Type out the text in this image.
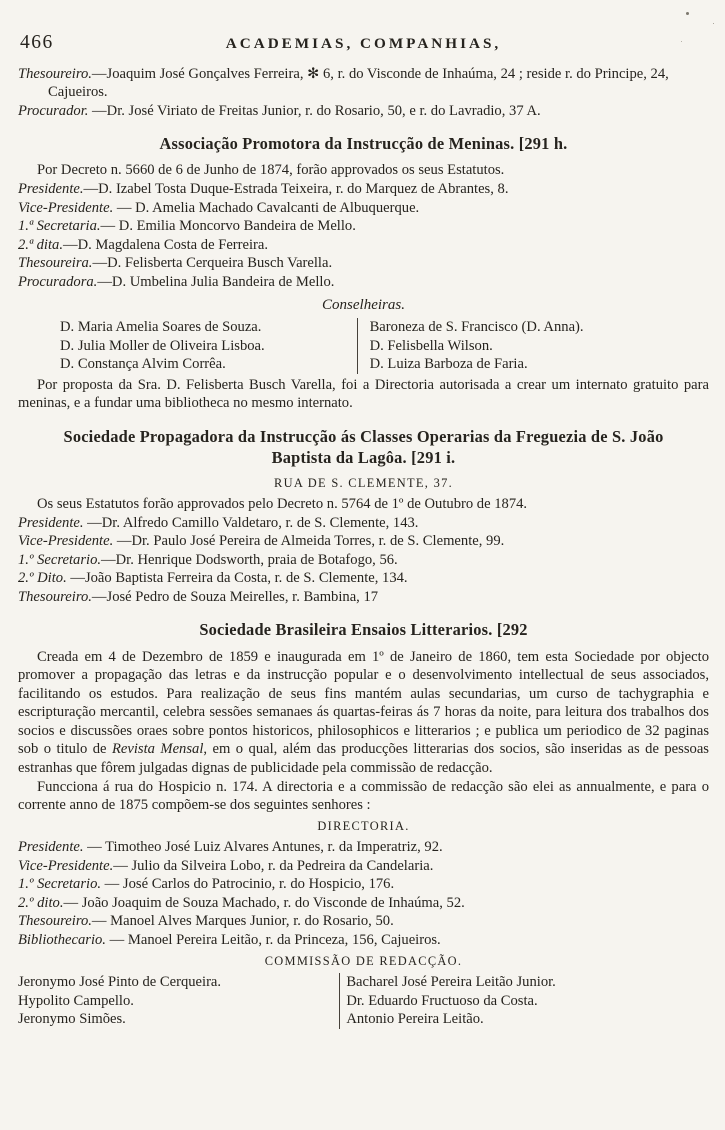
466	ACADEMIAS, COMPANHIAS,

Thesoureiro.—Joaquim José Gonçalves Ferreira, ✻ 6, r. do Visconde de Inhaúma, 24 ; reside r. do Principe, 24, Cajueiros.

Procurador. —Dr. José Viriato de Freitas Junior, r. do Rosario, 50, e r. do Lavradio, 37 A.

Associação Promotora da Instrucção de Meninas. [291 h.

Por Decreto n. 5660 de 6 de Junho de 1874, forão approvados os seus Estatutos.

Presidente.—D. Izabel Tosta Duque-Estrada Teixeira, r. do Marquez de Abrantes, 8.

Vice-Presidente. — D. Amelia Machado Cavalcanti de Albuquerque.

1.ª Secretaria.— D. Emilia Moncorvo Bandeira de Mello.

2.ª dita.—D. Magdalena Costa de Ferreira.

Thesoureira.—D. Felisberta Cerqueira Busch Varella.

Procuradora.—D. Umbelina Julia Bandeira de Mello.

Conselheiras.

D. Maria Amelia Soares de Souza.

D. Julia Moller de Oliveira Lisboa.

D. Constança Alvim Corrêa.

Baroneza de S. Francisco (D. Anna).

D. Felisbella Wilson.

D. Luiza Barboza de Faria.

Por proposta da Sra. D. Felisberta Busch Varella, foi a Directoria autorisada a crear um internato gratuito para meninas, e a fundar uma bibliotheca no mesmo internato.

Sociedade Propagadora da Instrucção ás Classes Operarias da Freguezia de S. João Baptista da Lagôa. [291 i.
RUA DE S. CLEMENTE, 37.

Os seus Estatutos forão approvados pelo Decreto n. 5764 de 1º de Outubro de 1874.

Presidente. —Dr. Alfredo Camillo Valdetaro, r. de S. Clemente, 143.

Vice-Presidente. —Dr. Paulo José Pereira de Almeida Torres, r. de S. Clemente, 99.

1.º Secretario.—Dr. Henrique Dodsworth, praia de Botafogo, 56.

2.º Dito. —João Baptista Ferreira da Costa, r. de S. Clemente, 134.

Thesoureiro.—José Pedro de Souza Meirelles, r. Bambina, 17

Sociedade Brasileira Ensaios Litterarios. [292

Creada em 4 de Dezembro de 1859 e inaugurada em 1º de Janeiro de 1860, tem esta Sociedade por objecto promover a propagação das letras e da instrucção popular e o desenvolvimento intellectual de seus associados, facilitando os estudos. Para realização de seus fins mantém aulas secundarias, um curso de tachygraphia e escripturação mercantil, celebra sessões semanaes ás quartas-feiras ás 7 horas da noite, para leitura dos trabalhos dos socios e discussões oraes sobre pontos historicos, philosophicos e litterarios ; e publica um periodico de 32 paginas sob o titulo de Revista Mensal, em o qual, além das producções litterarias dos socios, são inseridas as de pessoas estranhas que fôrem julgadas dignas de publicidade pela commissão de redacção.

Funcciona á rua do Hospicio n. 174. A directoria e a commissão de redacção são elei as annualmente, e para o corrente anno de 1875 compõem-se dos seguintes senhores :

DIRECTORIA.

Presidente. — Timotheo José Luiz Alvares Antunes, r. da Imperatriz, 92.

Vice-Presidente.— Julio da Silveira Lobo, r. da Pedreira da Candelaria.

1.º Secretario. — José Carlos do Patrocinio, r. do Hospicio, 176.

2.º dito.— João Joaquim de Souza Machado, r. do Visconde de Inhaúma, 52.

Thesoureiro.— Manoel Alves Marques Junior, r. do Rosario, 50.

Bibliothecario. — Manoel Pereira Leitão, r. da Princeza, 156, Cajueiros.

COMMISSÃO DE REDACÇÃO.

Jeronymo José Pinto de Cerqueira.

Hypolito Campello.

Jeronymo Simões.

Bacharel José Pereira Leitão Junior.

Dr. Eduardo Fructuoso da Costa.

Antonio Pereira Leitão.
